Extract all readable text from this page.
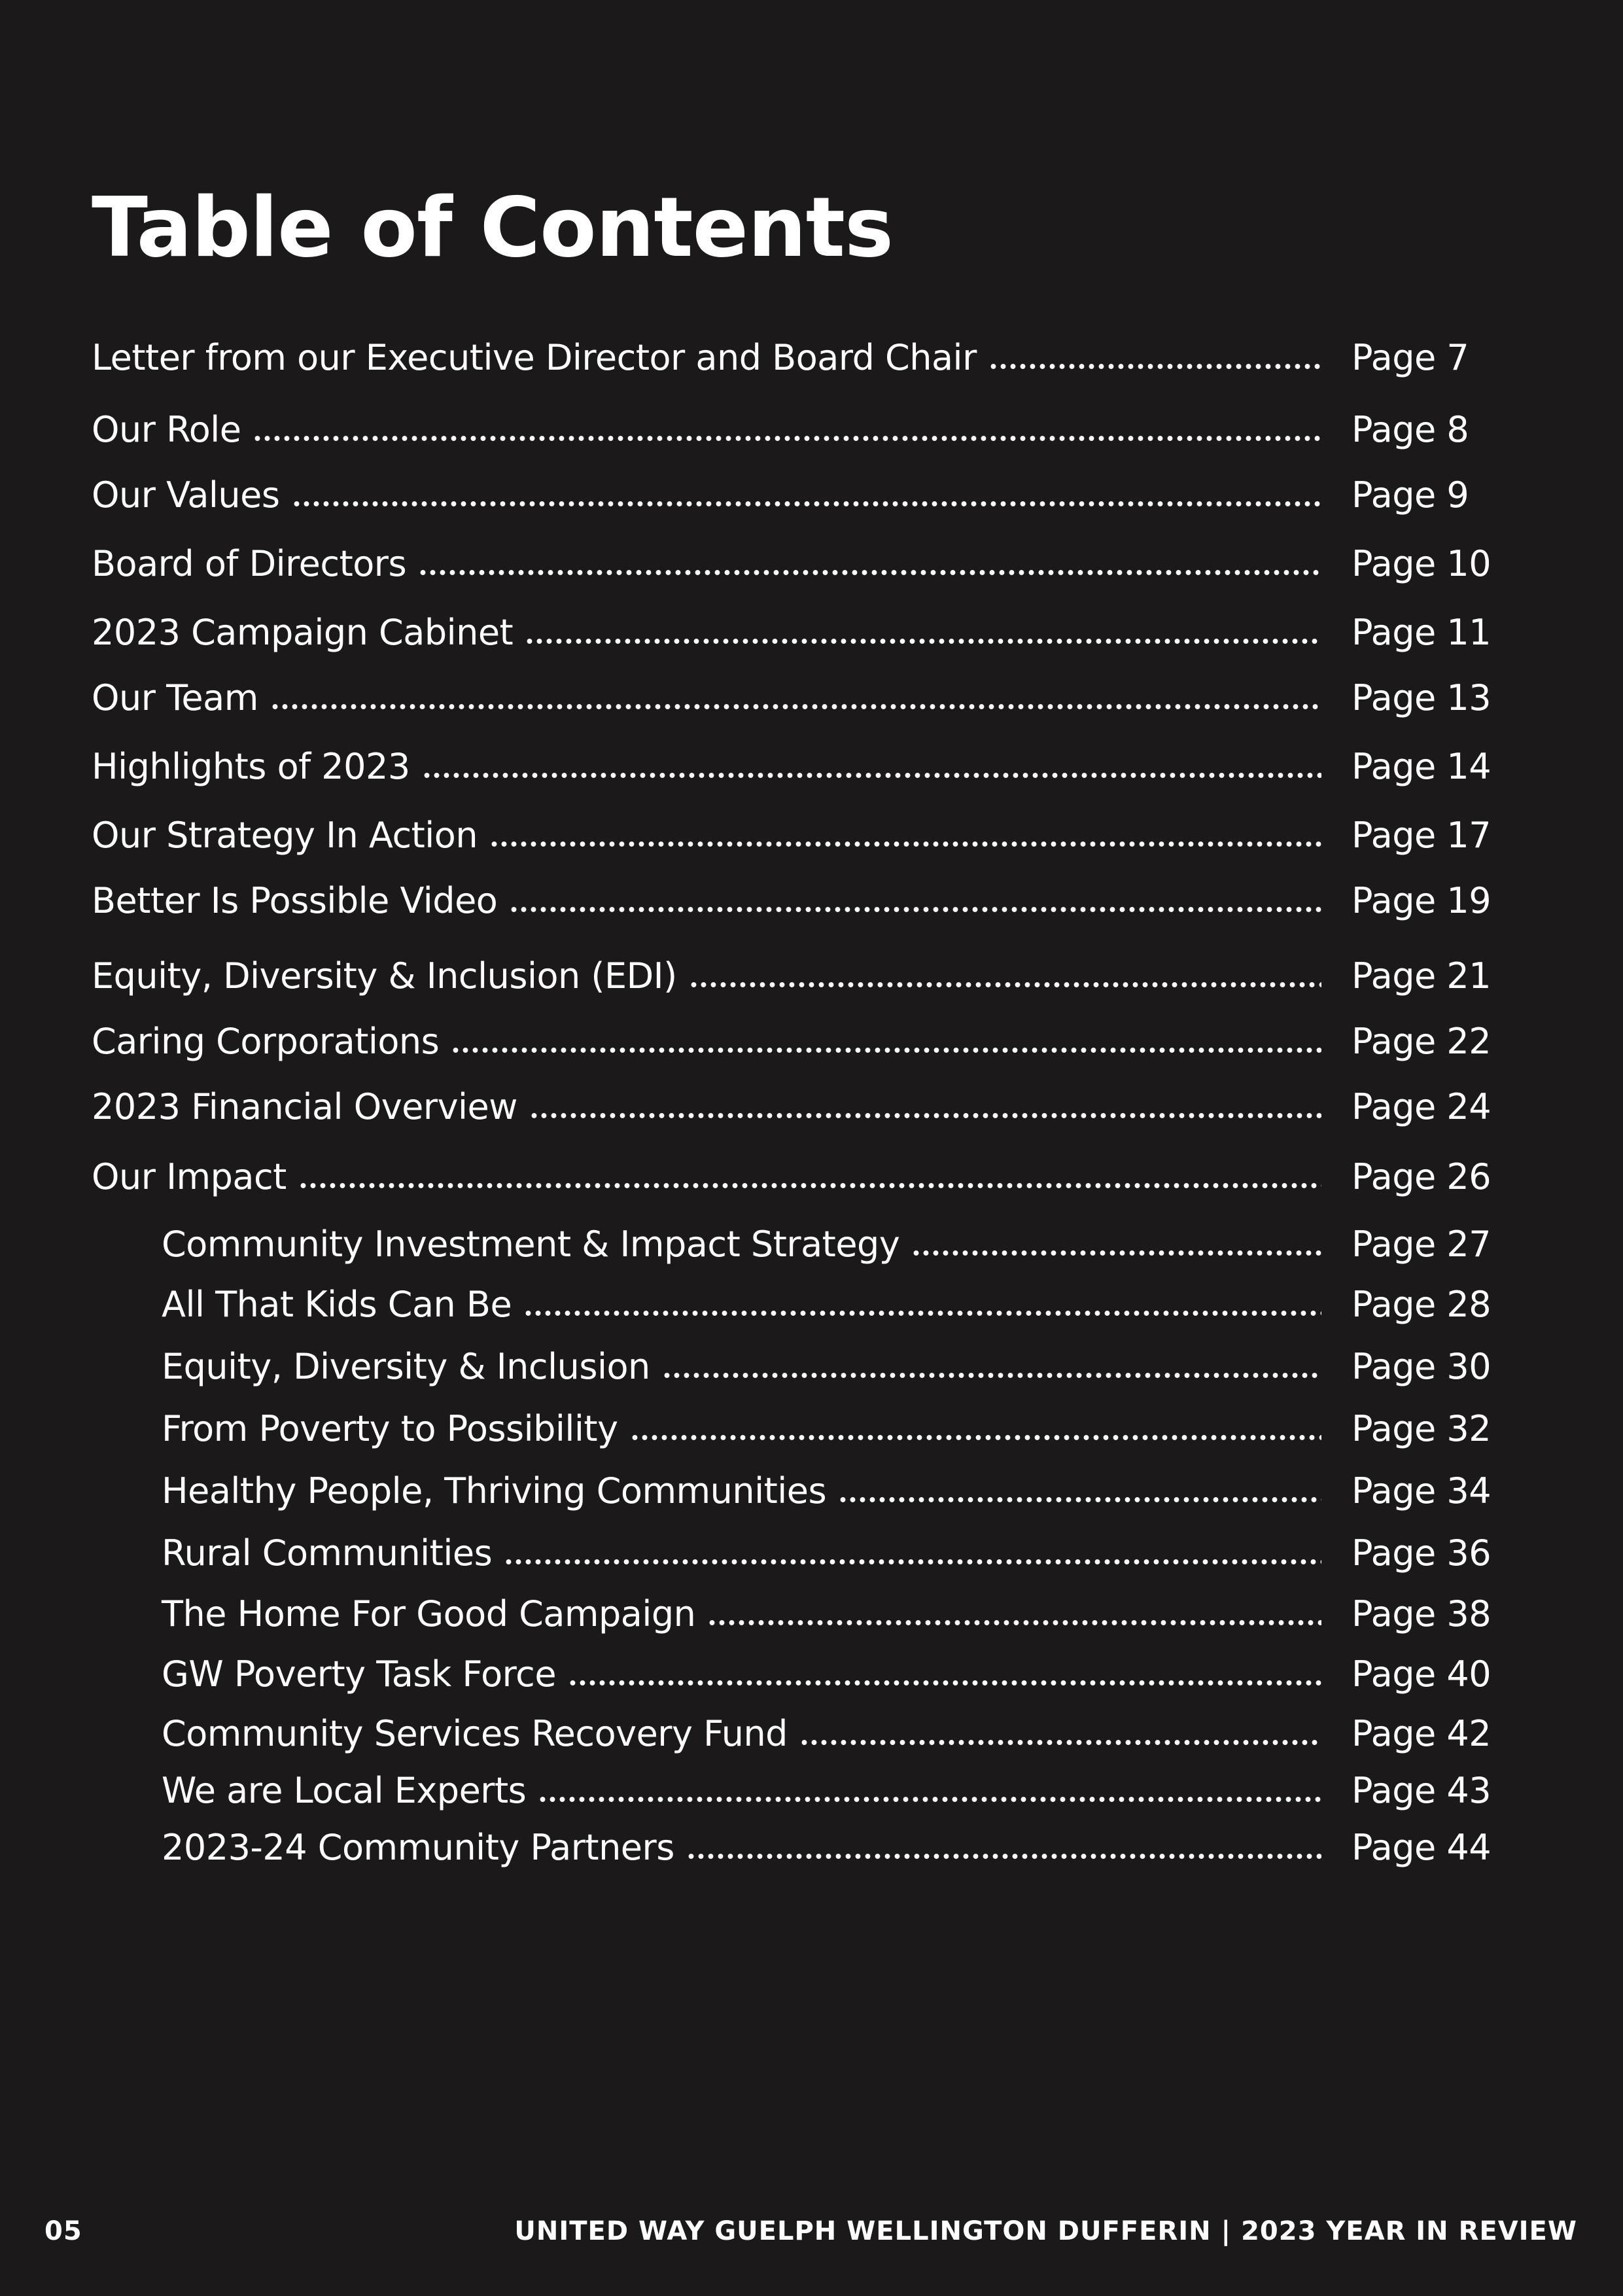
Table of Contents
Letter from our Executive Director and Board Chair	Page 7
Our Role	Page 8
Our Values	Page 9
Board of Directors	Page 10
2023 Campaign Cabinet	Page 11
Our Team	Page 13
Highlights of 2023	Page 14
Our Strategy In Action	Page 17
Better Is Possible Video	Page 19
Equity, Diversity & Inclusion (EDI)	Page 21
Caring Corporations	Page 22
2023 Financial Overview	Page 24
Our Impact	Page 26
Community Investment & Impact Strategy	Page 27
All That Kids Can Be	Page 28
Equity, Diversity & Inclusion	Page 30
From Poverty to Possibility	Page 32
Healthy People, Thriving Communities	Page 34
Rural Communities	Page 36
The Home For Good Campaign	Page 38
GW Poverty Task Force	Page 40
Community Services Recovery Fund	Page 42
We are Local Experts	Page 43
2023-24 Community Partners	Page 44
05	UNITED WAY GUELPH WELLINGTON DUFFERIN | 2023 YEAR IN REVIEW
